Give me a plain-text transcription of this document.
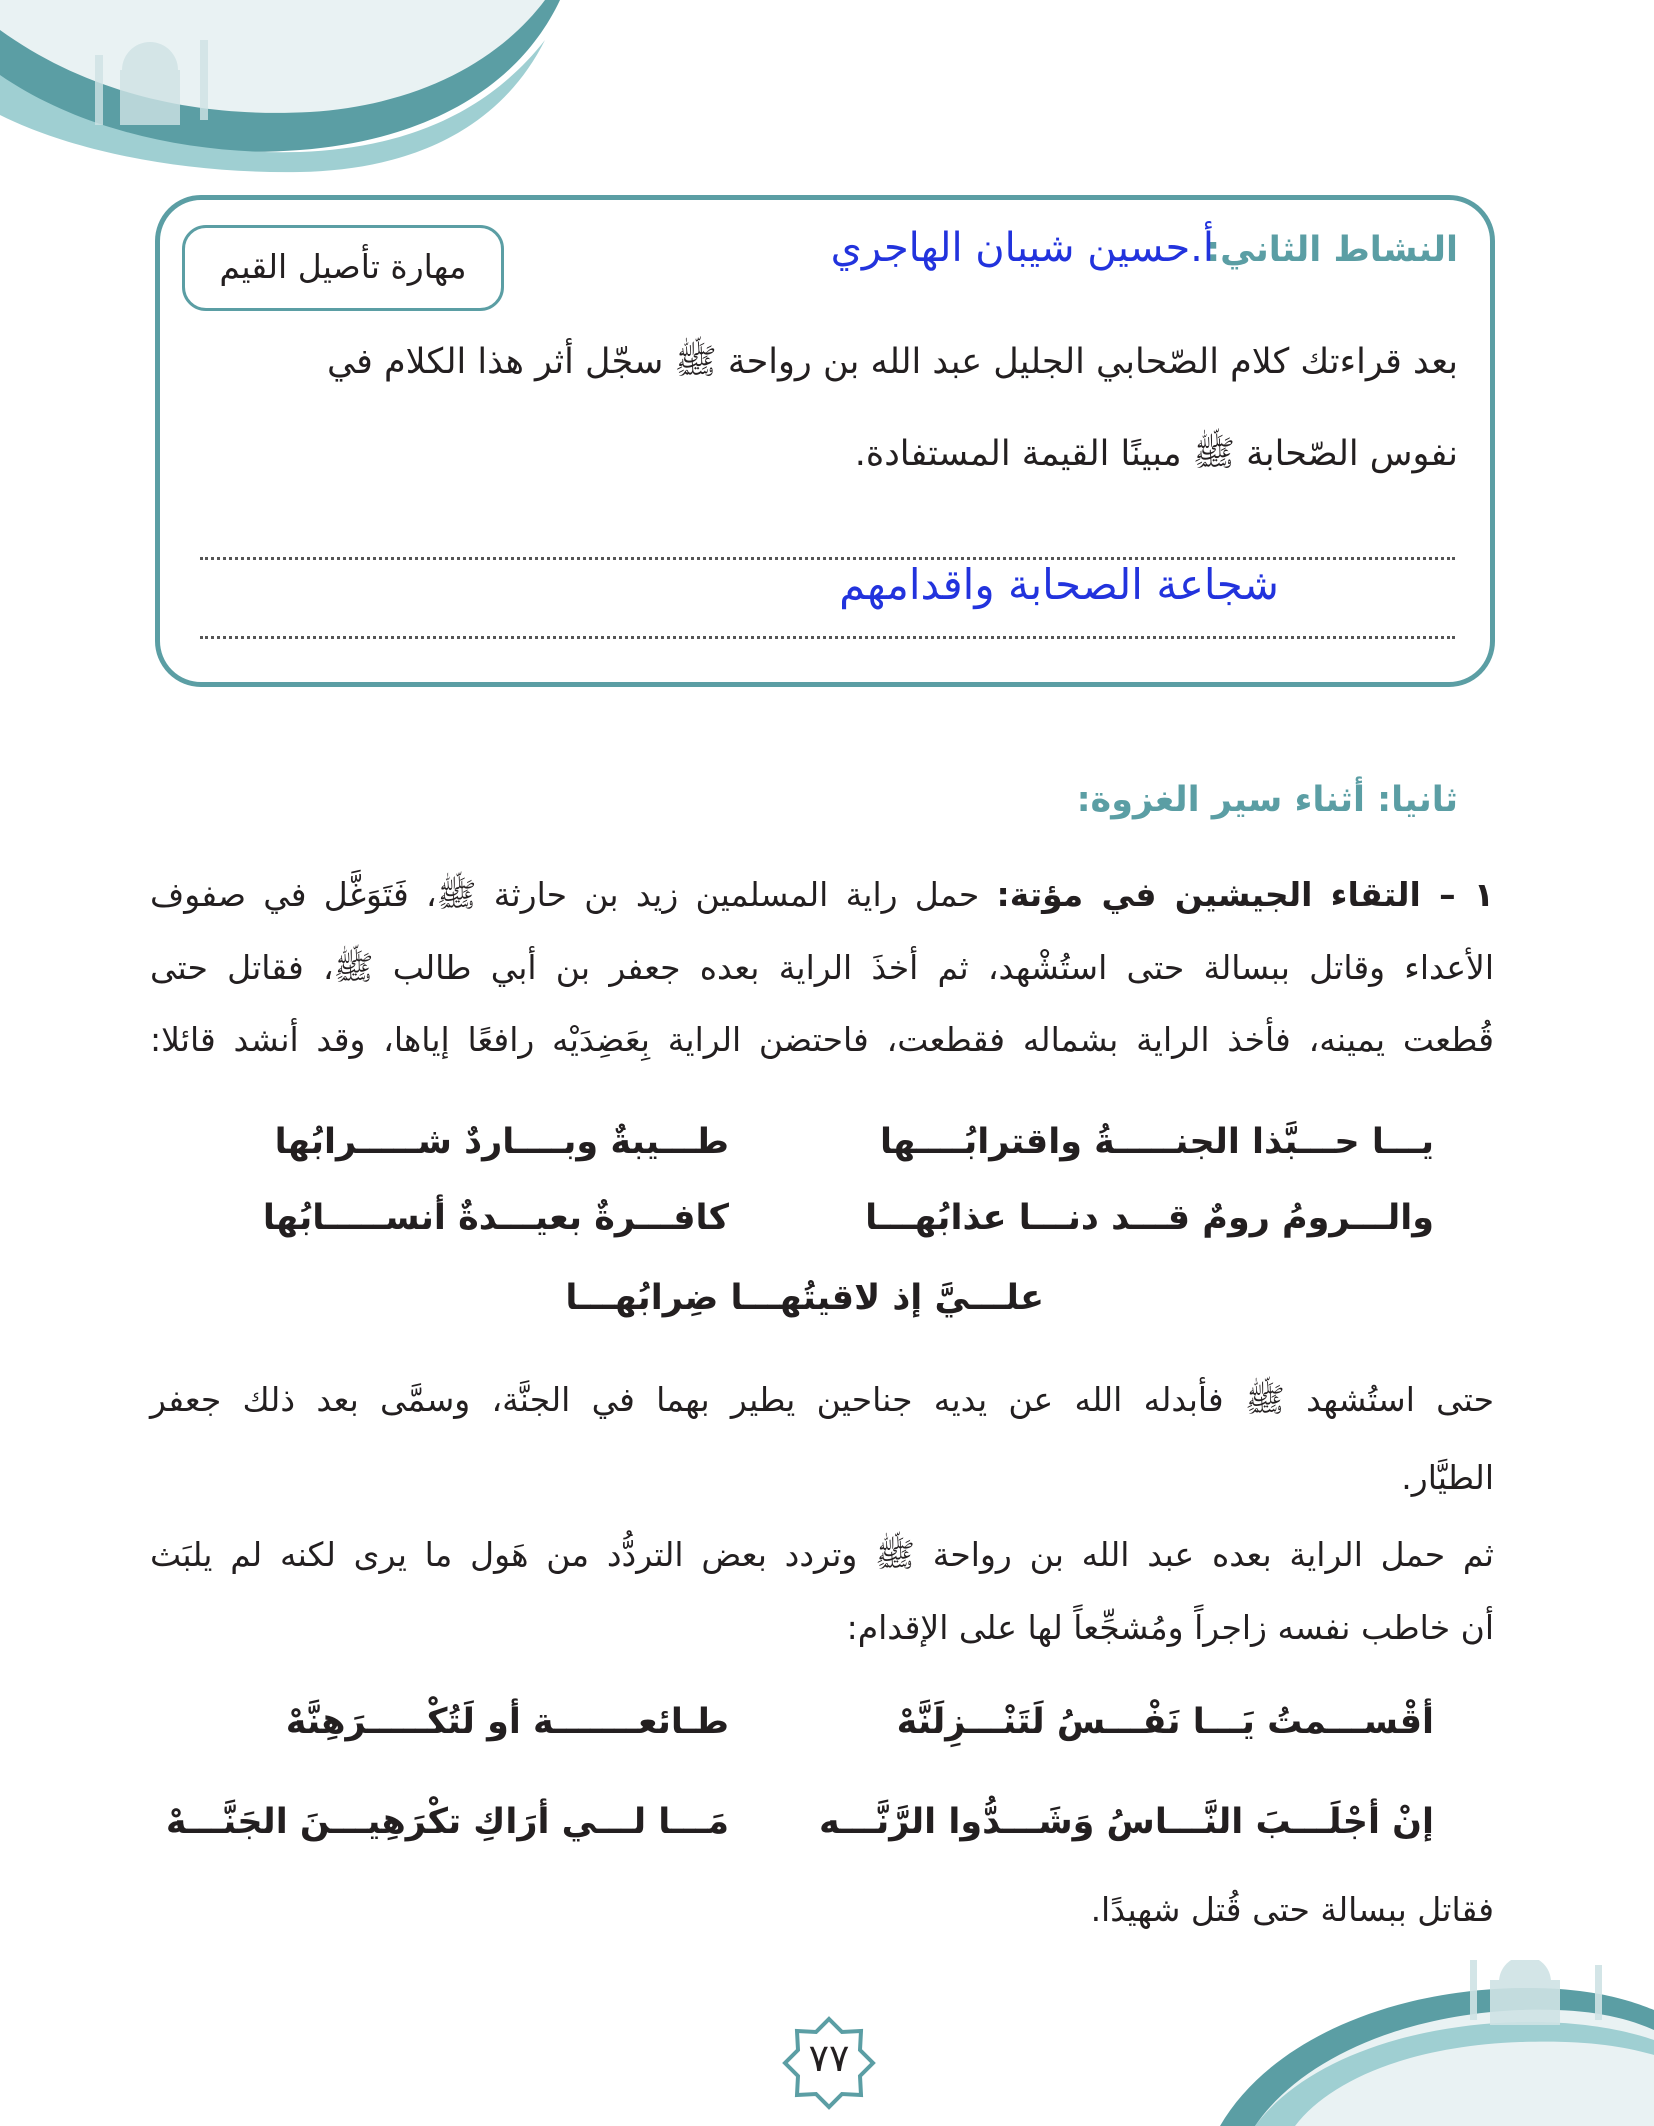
مهارة تأصيل القيم	النشاط الثاني:
أ.حسين شيبان الهاجري
بعد قراءتك كلام الصّحابي الجليل عبد الله بن رواحة ﷺ سجّل أثر هذا الكلام في
نفوس الصّحابة ﷺ مبينًا القيمة المستفادة.
شجاعة الصحابة واقدامهم
ثانيا: أثناء سير الغزوة:
١ – التقاء الجيشين في مؤتة: حمل راية المسلمين زيد بن حارثة ﷺ، فَتَوَغَّل في صفوف
الأعداء وقاتل ببسالة حتى استُشْهد، ثم أخذَ الراية بعده جعفر بن أبي طالب ﷺ، فقاتل حتى
قُطعت يمينه، فأخذ الراية بشماله فقطعت، فاحتضن الراية بِعَضِدَيْه رافعًا إياها، وقد أنشد قائلا:
يـــا حـــبَّذا الجنـــــةُ واقترابُــــها
طـــيبةٌ وبــــاردٌ شـــــرابُها
والـــرومُ رومٌ قـــد دنـــا عذابُهـــا
كافـــرةٌ بعيـــدةٌ أنســـــابُها
علـــيَّ إذ لاقيتُهـــا ضِرابُهـــا
حتى استُشهد ﷺ فأبدله الله عن يديه جناحين يطير بهما في الجنَّة، وسمَّى بعد ذلك جعفر
الطيَّار.
ثم حمل الراية بعده عبد الله بن رواحة ﷺ وتردد بعض التردُّد من هَول ما يرى لكنه لم يلبَث
أن خاطب نفسه زاجراً ومُشجِّعاً لها على الإقدام:
أقْســـمتُ يَـــا نَفْـــسُ لَتَنْـــزِلَنَّهْ
طـائعـــــــة أو لَتُكْـــــرَهِنَّهْ
إنْ أجْلَـــبَ النَّـــاسُ وَشَـــدُّوا الرَّنَّـــه
مَـــا لـــي أرَاكِ تكْرَهِيـــنَ الجَنَّـــهْ
فقاتل ببسالة حتى قُتل شهيدًا.
٧٧
